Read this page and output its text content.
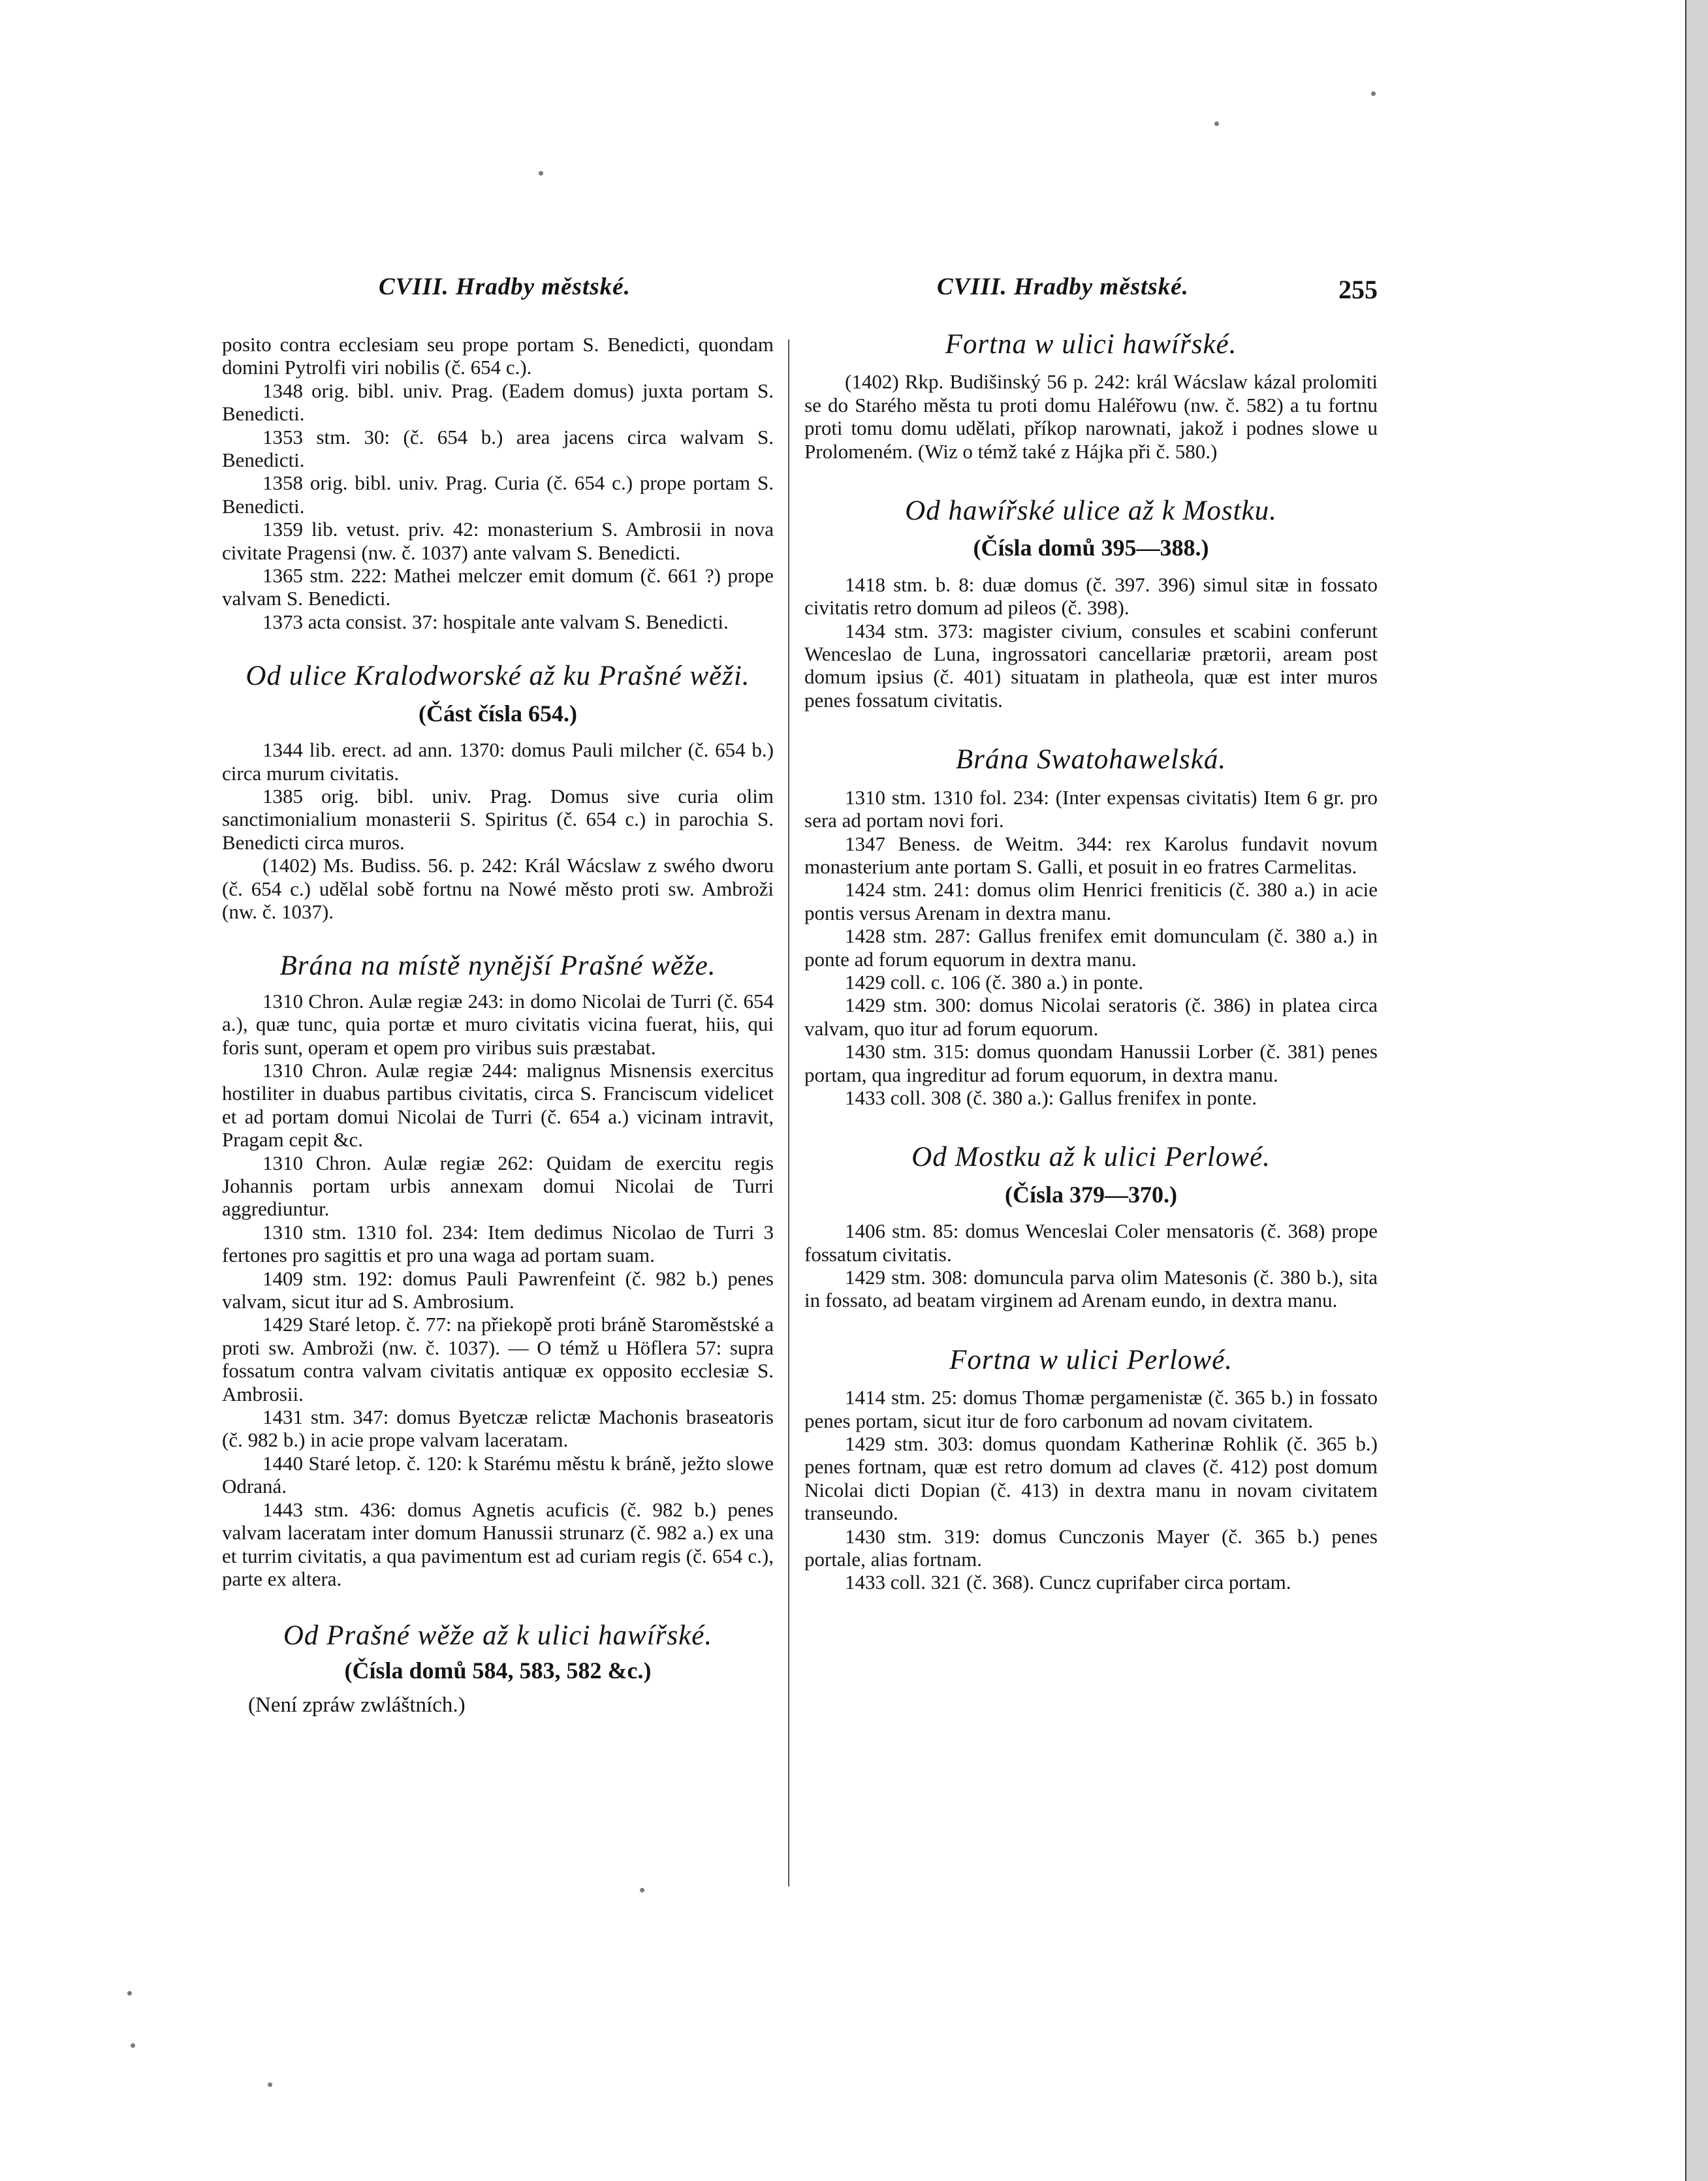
CVIII. Hradby městské.	CVIII. Hradby městské.	255

posito contra ecclesiam seu prope portam S. Benedicti, quondam domini Pytrolfi viri nobilis (č. 654 c.).

1348 orig. bibl. univ. Prag. (Eadem domus) juxta portam S. Benedicti.

1353 stm. 30: (č. 654 b.) area jacens circa walvam S. Benedicti.

1358 orig. bibl. univ. Prag. Curia (č. 654 c.) prope portam S. Benedicti.

1359 lib. vetust. priv. 42: monasterium S. Ambrosii in nova civitate Pragensi (nw. č. 1037) ante valvam S. Benedicti.

1365 stm. 222: Mathei melczer emit domum (č. 661 ?) prope valvam S. Benedicti.

1373 acta consist. 37: hospitale ante valvam S. Benedicti.

Od ulice Kralodworské až ku Prašné wěži.

(Část čísla 654.)

1344 lib. erect. ad ann. 1370: domus Pauli milcher (č. 654 b.) circa murum civitatis.

1385 orig. bibl. univ. Prag. Domus sive curia olim sanctimonialium monasterii S. Spiritus (č. 654 c.) in parochia S. Benedicti circa muros.

(1402) Ms. Budiss. 56. p. 242: Král Wácslaw z swého dworu (č. 654 c.) udělal sobě fortnu na Nowé město proti sw. Ambroži (nw. č. 1037).

Brána na místě nynější Prašné wěže.

1310 Chron. Aulæ regiæ 243: in domo Nicolai de Turri (č. 654 a.), quæ tunc, quia portæ et muro civitatis vicina fuerat, hiis, qui foris sunt, operam et opem pro viribus suis præstabat.

1310 Chron. Aulæ regiæ 244: malignus Misnensis exercitus hostiliter in duabus partibus civitatis, circa S. Franciscum videlicet et ad portam domui Nicolai de Turri (č. 654 a.) vicinam intravit, Pragam cepit &c.

1310 Chron. Aulæ regiæ 262: Quidam de exercitu regis Johannis portam urbis annexam domui Nicolai de Turri aggrediuntur.

1310 stm. 1310 fol. 234: Item dedimus Nicolao de Turri 3 fertones pro sagittis et pro una waga ad portam suam.

1409 stm. 192: domus Pauli Pawrenfeint (č. 982 b.) penes valvam, sicut itur ad S. Ambrosium.

1429 Staré letop. č. 77: na přiekopě proti bráně Staroměstské a proti sw. Ambroži (nw. č. 1037). — O témž u Höflera 57: supra fossatum contra valvam civitatis antiquæ ex opposito ecclesiæ S. Ambrosii.

1431 stm. 347: domus Byetczæ relictæ Machonis braseatoris (č. 982 b.) in acie prope valvam laceratam.

1440 Staré letop. č. 120: k Starému městu k bráně, ježto slowe Odraná.

1443 stm. 436: domus Agnetis acuficis (č. 982 b.) penes valvam laceratam inter domum Hanussii strunarz (č. 982 a.) ex una et turrim civitatis, a qua pavimentum est ad curiam regis (č. 654 c.), parte ex altera.

Od Prašné wěže až k ulici hawířské.

(Čísla domů 584, 583, 582 &c.)

(Není zpráw zwláštních.)

Fortna w ulici hawířské.

(1402) Rkp. Budišinský 56 p. 242: král Wácslaw kázal prolomiti se do Starého města tu proti domu Haléřowu (nw. č. 582) a tu fortnu proti tomu domu udělati, příkop narownati, jakož i podnes slowe u Prolomeném. (Wiz o témž také z Hájka při č. 580.)

Od hawířské ulice až k Mostku.

(Čísla domů 395—388.)

1418 stm. b. 8: duæ domus (č. 397. 396) simul sitæ in fossato civitatis retro domum ad pileos (č. 398).

1434 stm. 373: magister civium, consules et scabini conferunt Wenceslao de Luna, ingrossatori cancellariæ prætorii, aream post domum ipsius (č. 401) situatam in platheola, quæ est inter muros penes fossatum civitatis.

Brána Swatohawelská.

1310 stm. 1310 fol. 234: (Inter expensas civitatis) Item 6 gr. pro sera ad portam novi fori.

1347 Beness. de Weitm. 344: rex Karolus fundavit novum monasterium ante portam S. Galli, et posuit in eo fratres Carmelitas.

1424 stm. 241: domus olim Henrici freniticis (č. 380 a.) in acie pontis versus Arenam in dextra manu.

1428 stm. 287: Gallus frenifex emit domunculam (č. 380 a.) in ponte ad forum equorum in dextra manu.

1429 coll. c. 106 (č. 380 a.) in ponte.

1429 stm. 300: domus Nicolai seratoris (č. 386) in platea circa valvam, quo itur ad forum equorum.

1430 stm. 315: domus quondam Hanussii Lorber (č. 381) penes portam, qua ingreditur ad forum equorum, in dextra manu.

1433 coll. 308 (č. 380 a.): Gallus frenifex in ponte.

Od Mostku až k ulici Perlowé.

(Čísla 379—370.)

1406 stm. 85: domus Wenceslai Coler mensatoris (č. 368) prope fossatum civitatis.

1429 stm. 308: domuncula parva olim Matesonis (č. 380 b.), sita in fossato, ad beatam virginem ad Arenam eundo, in dextra manu.

Fortna w ulici Perlowé.

1414 stm. 25: domus Thomæ pergamenistæ (č. 365 b.) in fossato penes portam, sicut itur de foro carbonum ad novam civitatem.

1429 stm. 303: domus quondam Katherinæ Rohlik (č. 365 b.) penes fortnam, quæ est retro domum ad claves (č. 412) post domum Nicolai dicti Dopian (č. 413) in dextra manu in novam civitatem transeundo.

1430 stm. 319: domus Cunczonis Mayer (č. 365 b.) penes portale, alias fortnam.

1433 coll. 321 (č. 368). Cuncz cuprifaber circa portam.
